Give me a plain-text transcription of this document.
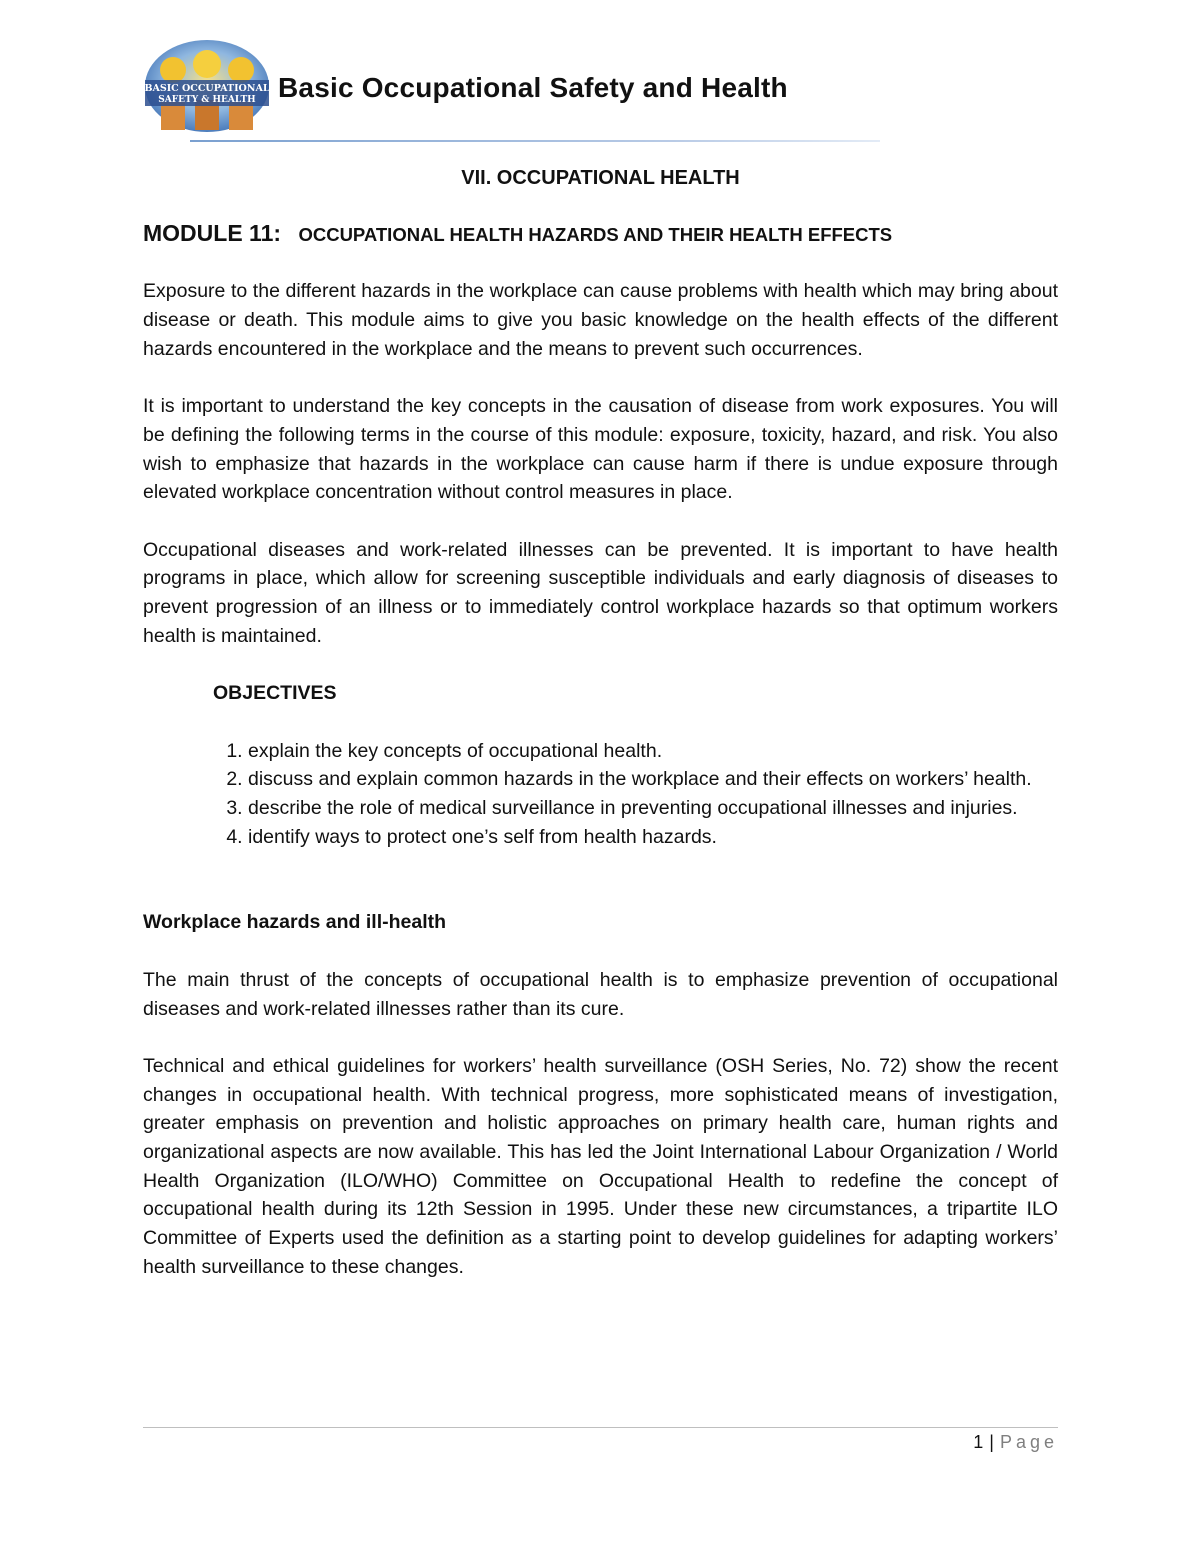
BASIC OCCUPATIONAL
SAFETY & HEALTH Basic Occupational Safety and Health
VII. OCCUPATIONAL HEALTH
MODULE 11: OCCUPATIONAL HEALTH HAZARDS AND THEIR HEALTH EFFECTS

Exposure to the different hazards in the workplace can cause problems with health which may bring about disease or death. This module aims to give you basic knowledge on the health effects of the different hazards encountered in the workplace and the means to prevent such occurrences.

It is important to understand the key concepts in the causation of disease from work exposures. You will be defining the following terms in the course of this module: exposure, toxicity, hazard, and risk. You also wish to emphasize that hazards in the workplace can cause harm if there is undue exposure through elevated workplace concentration without control measures in place.

Occupational diseases and work-related illnesses can be prevented. It is important to have health programs in place, which allow for screening susceptible individuals and early diagnosis of diseases to prevent progression of an illness or to immediately control workplace hazards so that optimum workers health is maintained.

OBJECTIVES
1. explain the key concepts of occupational health.
2. discuss and explain common hazards in the workplace and their effects on workers’ health.
3. describe the role of medical surveillance in preventing occupational illnesses and injuries.
4. identify ways to protect one’s self from health hazards.
Workplace hazards and ill-health

The main thrust of the concepts of occupational health is to emphasize prevention of occupational diseases and work-related illnesses rather than its cure.

Technical and ethical guidelines for workers’ health surveillance (OSH Series, No. 72) show the recent changes in occupational health. With technical progress, more sophisticated means of investigation, greater emphasis on prevention and holistic approaches on primary health care, human rights and organizational aspects are now available. This has led the Joint International Labour Organization / World Health Organization (ILO/WHO) Committee on Occupational Health to redefine the concept of occupational health during its 12th Session in 1995. Under these new circumstances, a tripartite ILO Committee of Experts used the definition as a starting point to develop guidelines for adapting workers’ health surveillance to these changes.

1 | Page
